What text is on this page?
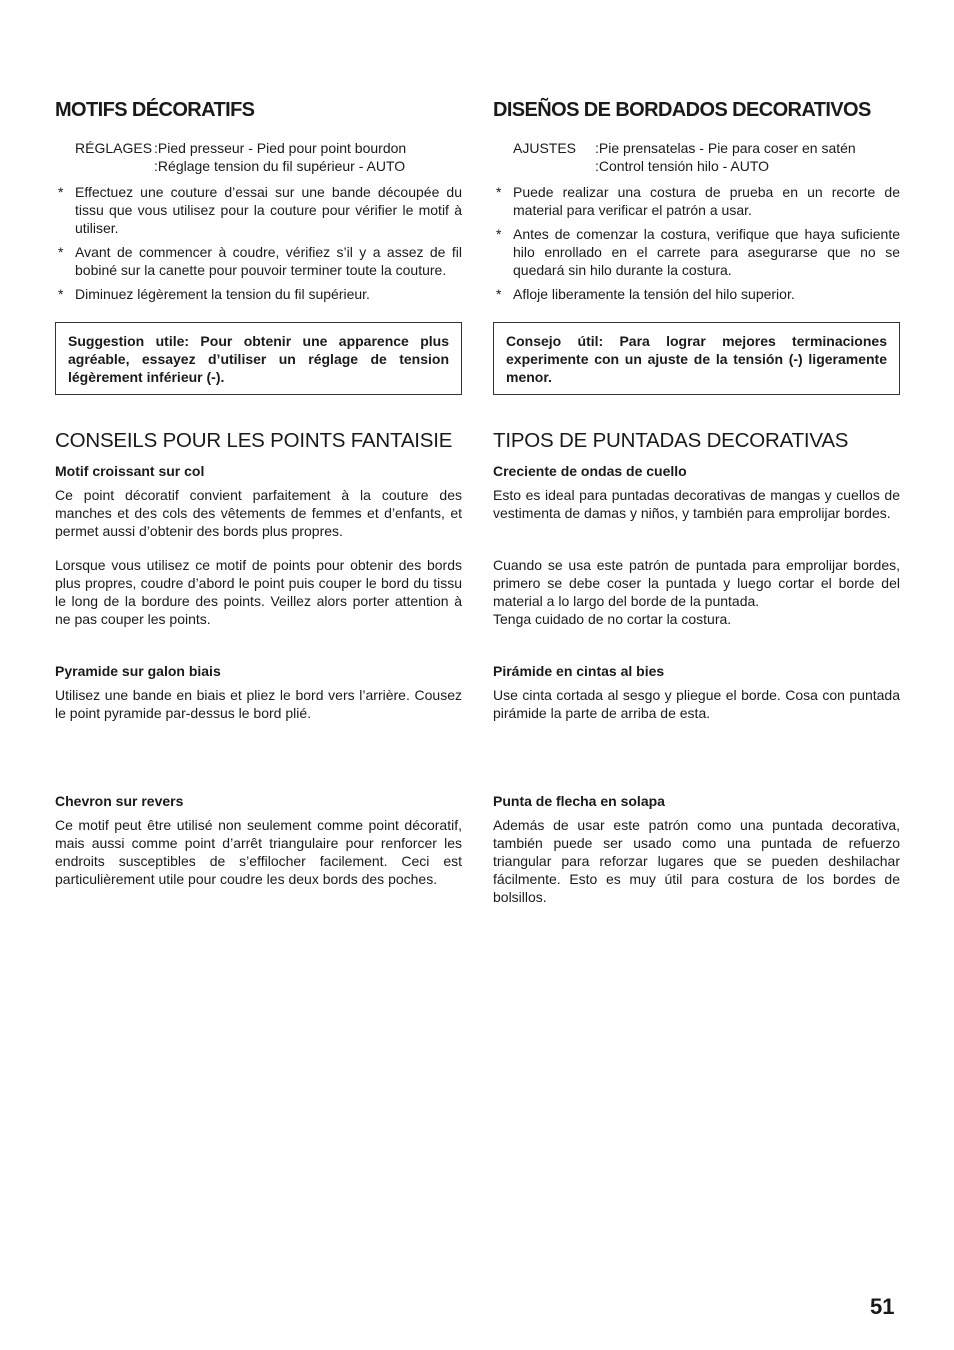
MOTIFS DÉCORATIFS
RÉGLAGES :Pied presseur - Pied pour point bourdon
:Réglage tension du fil supérieur - AUTO
* Effectuez une couture d’essai sur une bande découpée du tissu que vous utilisez pour la couture pour vérifier le motif à utiliser.
* Avant de commencer à coudre, vérifiez s’il y a assez de fil bobiné sur la canette pour pouvoir terminer toute la couture.
* Diminuez légèrement la tension du fil supérieur.
Suggestion utile: Pour obtenir une apparence plus agréable, essayez d’utiliser un réglage de tension légèrement inférieur (-).
CONSEILS POUR LES POINTS FANTAISIE

Motif croissant sur col

Ce point décoratif convient parfaitement à la couture des manches et des cols des vêtements de femmes et d’enfants, et permet aussi d’obtenir des bords plus propres.

Lorsque vous utilisez ce motif de points pour obtenir des bords plus propres, coudre d’abord le point puis couper le bord du tissu le long de la bordure des points. Veillez alors porter attention à ne pas couper les points.

Pyramide sur galon biais

Utilisez une bande en biais et pliez le bord vers l’arrière. Cousez le point pyramide par-dessus le bord plié.

Chevron sur revers

Ce motif peut être utilisé non seulement comme point décoratif, mais aussi comme point d’arrêt triangulaire pour renforcer les endroits susceptibles de s’effilocher facilement. Ceci est particulièrement utile pour coudre les deux bords des poches.

DISEÑOS DE BORDADOS DECORATIVOS
AJUSTES	:Pie prensatelas - Pie para coser en satén
:Control tensión hilo - AUTO
* Puede realizar una costura de prueba en un recorte de material para verificar el patrón a usar.
* Antes de comenzar la costura, verifique que haya suficiente hilo enrollado en el carrete para asegurarse que no se quedará sin hilo durante la costura.
* Afloje liberamente la tensión del hilo superior.
Consejo útil: Para lograr mejores terminaciones experimente con un ajuste de la tensión (-) ligeramente menor.
TIPOS DE PUNTADAS DECORATIVAS

Creciente de ondas de cuello

Esto es ideal para puntadas decorativas de mangas y cuellos de vestimenta de damas y niños, y también para emprolijar bordes.

Cuando se usa este patrón de puntada para emprolijar bordes, primero se debe coser la puntada y luego cortar el borde del material a lo largo del borde de la puntada.

Tenga cuidado de no cortar la costura.

Pirámide en cintas al bies

Use cinta cortada al sesgo y pliegue el borde. Cosa con puntada pirámide la parte de arriba de esta.

Punta de flecha en solapa

Además de usar este patrón como una puntada decorativa, también puede ser usado como una puntada de refuerzo triangular para reforzar lugares que se pueden deshilachar fácilmente. Esto es muy útil para costura de los bordes de bolsillos.

51
